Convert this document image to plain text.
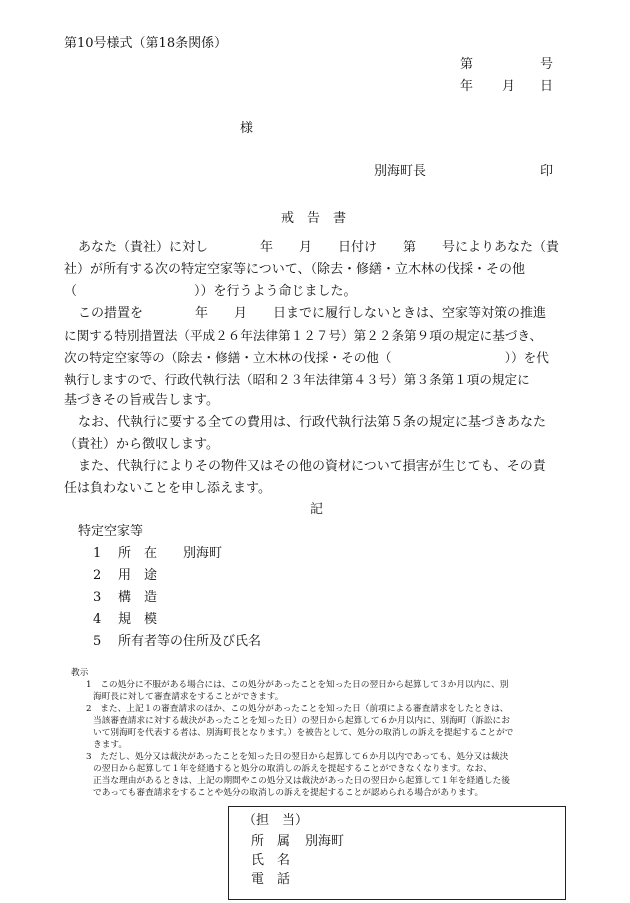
第10号様式（第18条関係）
第	号
年 月 日
様
別海町長	印
戒　告　書
あなた（貴社）に対し　　　　年　　月　　日付け　　第　　号によりあなた（貴
社）が所有する次の特定空家等について、（除去・修繕・立木林の伐採・その他
（　　　　　　　　　））を行うよう命じました。
この措置を　　　　年　　月　　日までに履行しないときは、空家等対策の推進
に関する特別措置法（平成２６年法律第１２７号）第２２条第９項の規定に基づき、
次の特定空家等の（除去・修繕・立木林の伐採・その他（　　　　　　　　　））を代
執行しますので、行政代執行法（昭和２３年法律第４３号）第３条第１項の規定に
基づきその旨戒告します。
なお、代執行に要する全ての費用は、行政代執行法第５条の規定に基づきあなた
（貴社）から徴収します。
また、代執行によりその物件又はその他の資材について損害が生じても、その責
任は負わないことを申し添えます。
記
特定空家等
1 所　在 別海町
2 用　途
3 構　造
4 規　模
5 所有者等の住所及び氏名
教示
1　この処分に不服がある場合には、この処分があったことを知った日の翌日から起算して３か月以内に、別
海町長に対して審査請求をすることができます。
2　また、上記１の審査請求のほか、この処分があったことを知った日（前項による審査請求をしたときは、
当該審査請求に対する裁決があったことを知った日）の翌日から起算して６か月以内に、別海町（訴訟にお
いて別海町を代表する者は、別海町長となります。）を被告として、処分の取消しの訴えを提起することがで
きます。
3　ただし、処分又は裁決があったことを知った日の翌日から起算して６か月以内であっても、処分又は裁決
の翌日から起算して１年を経過すると処分の取消しの訴えを提起することができなくなります。なお、
正当な理由があるときは、上記の期間やこの処分又は裁決があった日の翌日から起算して１年を経過した後
であっても審査請求をすることや処分の取消しの訴えを提起することが認められる場合があります。
（担　当）
所　属 別海町
氏　名
電　話
